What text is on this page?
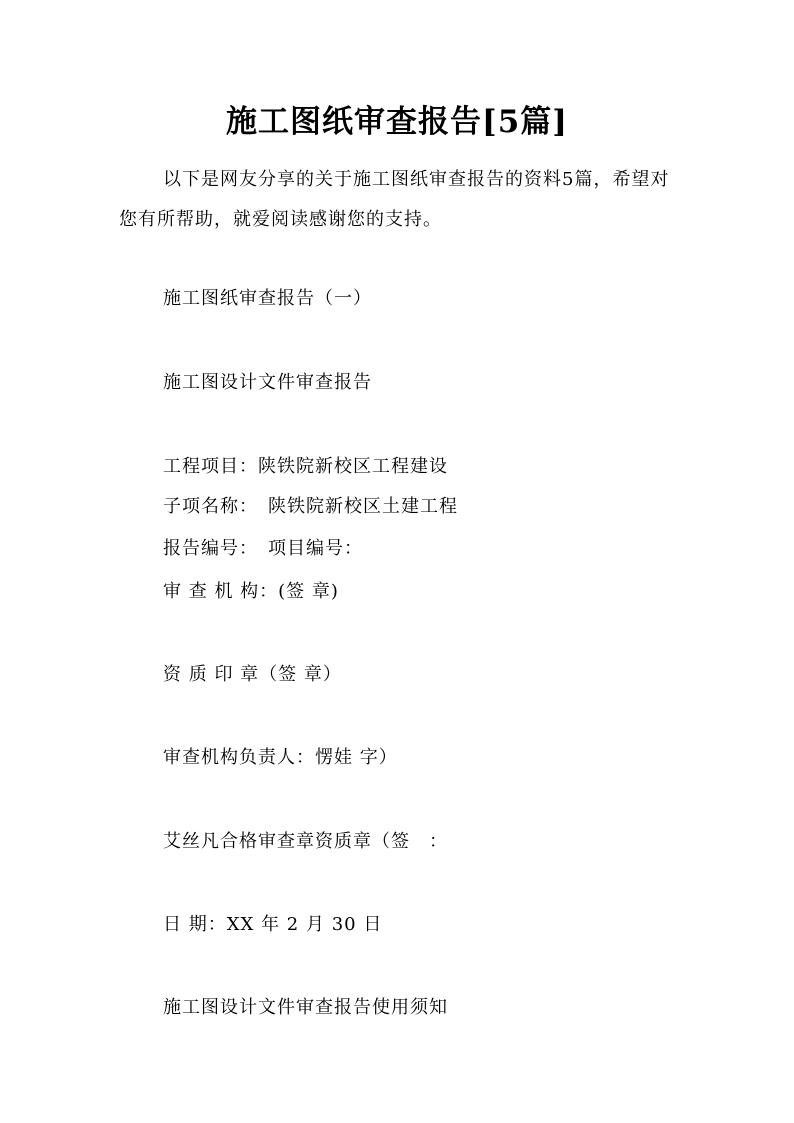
施工图纸审查报告[5篇]
以下是网友分享的关于施工图纸审查报告的资料5篇，希望对您有所帮助，就爱阅读感谢您的支持。
施工图纸审查报告（一）
施工图设计文件审查报告
工程项目：陕铁院新校区工程建设
子项名称：　陕铁院新校区土建工程
报告编号：　项目编号：
审 查 机 构：(签 章)
资 质 印 章（签 章）
审查机构负责人：愣娃 字）
艾丝凡合格审查章资质章（签　：
日 期：XX 年 2 月 30 日
施工图设计文件审查报告使用须知
